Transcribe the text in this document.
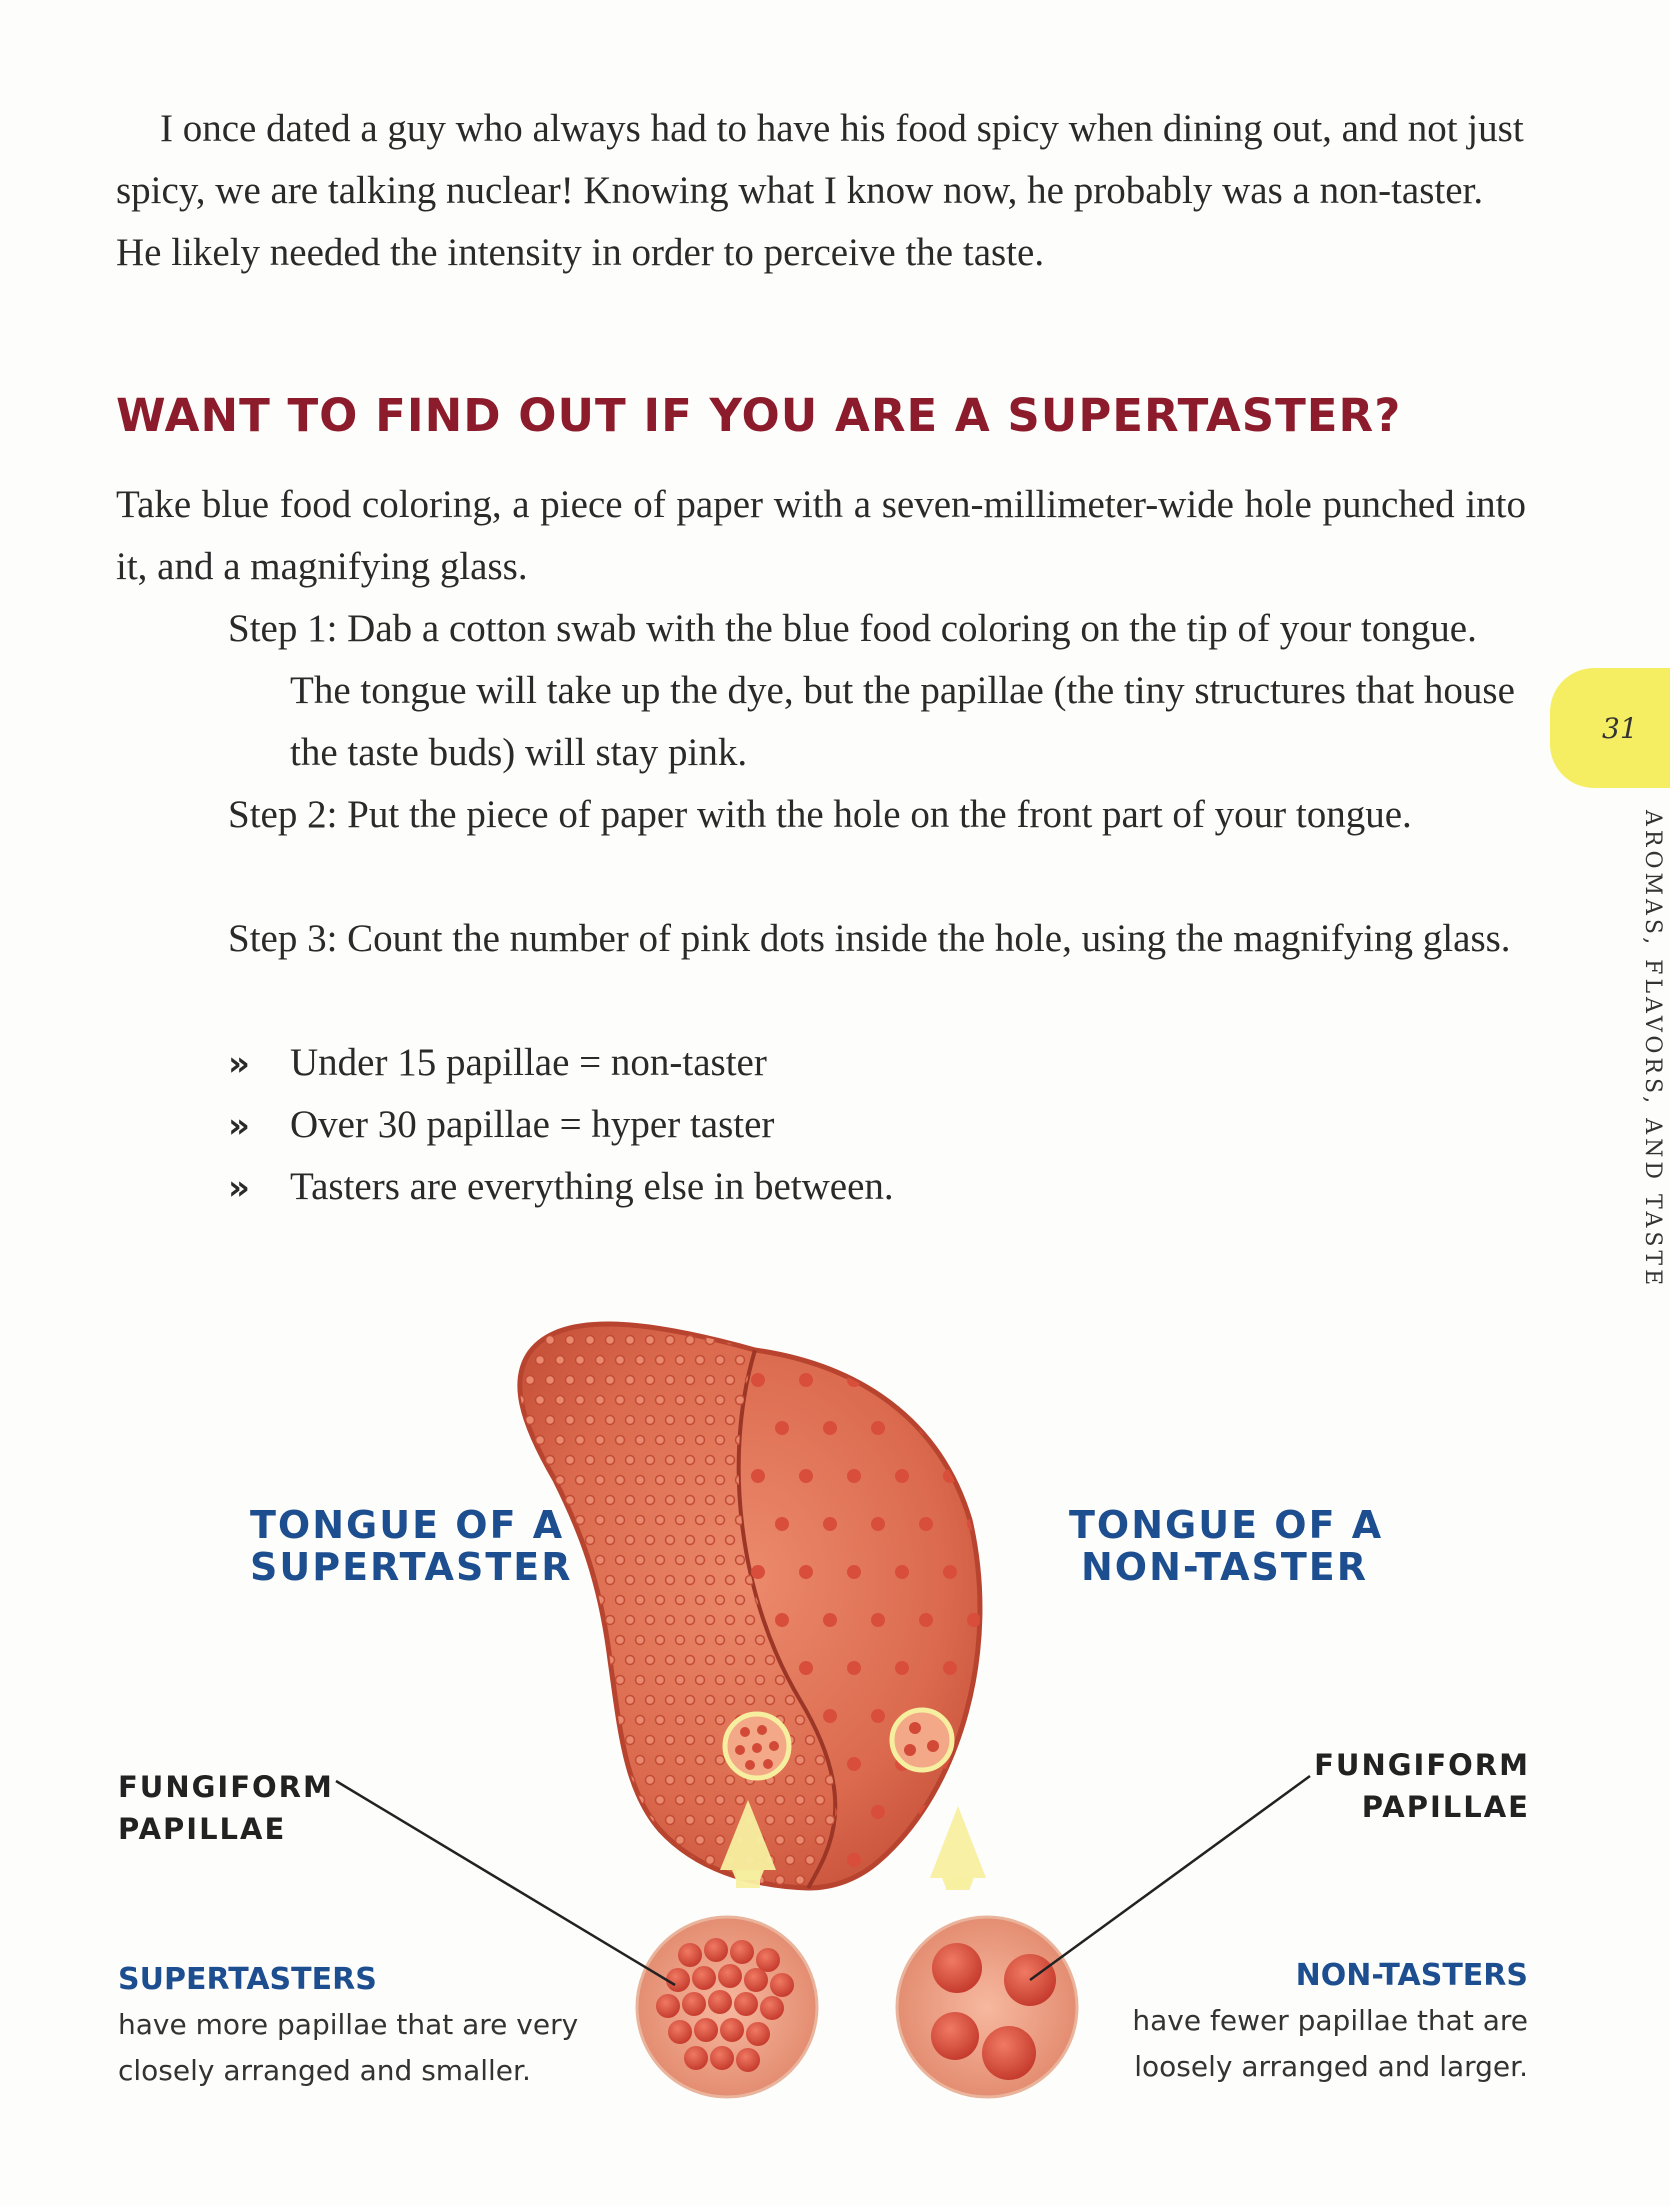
I once dated a guy who always had to have his food spicy when dining out, and not just spicy, we are talking nuclear! Knowing what I know now, he probably was a non-taster. He likely needed the intensity in order to perceive the taste.

WANT TO FIND OUT IF YOU ARE A SUPERTASTER?

Take blue food coloring, a piece of paper with a seven-millimeter-wide hole punched into it, and a magnifying glass.

Step 1: Dab a cotton swab with the blue food coloring on the tip of your tongue. The tongue will take up the dye, but the papillae (the tiny structures that house the taste buds) will stay pink.

Step 2: Put the piece of paper with the hole on the front part of your tongue.

Step 3: Count the number of pink dots inside the hole, using the magnifying glass.

» Under 15 papillae = non-taster

» Over 30 papillae = hyper taster

» Tasters are everything else in between.

31
AROMAS, FLAVORS, AND TASTE
TONGUE OF A
SUPERTASTER
TONGUE OF A
NON-TASTER
FUNGIFORM
PAPILLAE
FUNGIFORM
PAPILLAE
SUPERTASTERS
have more papillae that are very
closely arranged and smaller.
NON-TASTERS
have fewer papillae that are
loosely arranged and larger.
